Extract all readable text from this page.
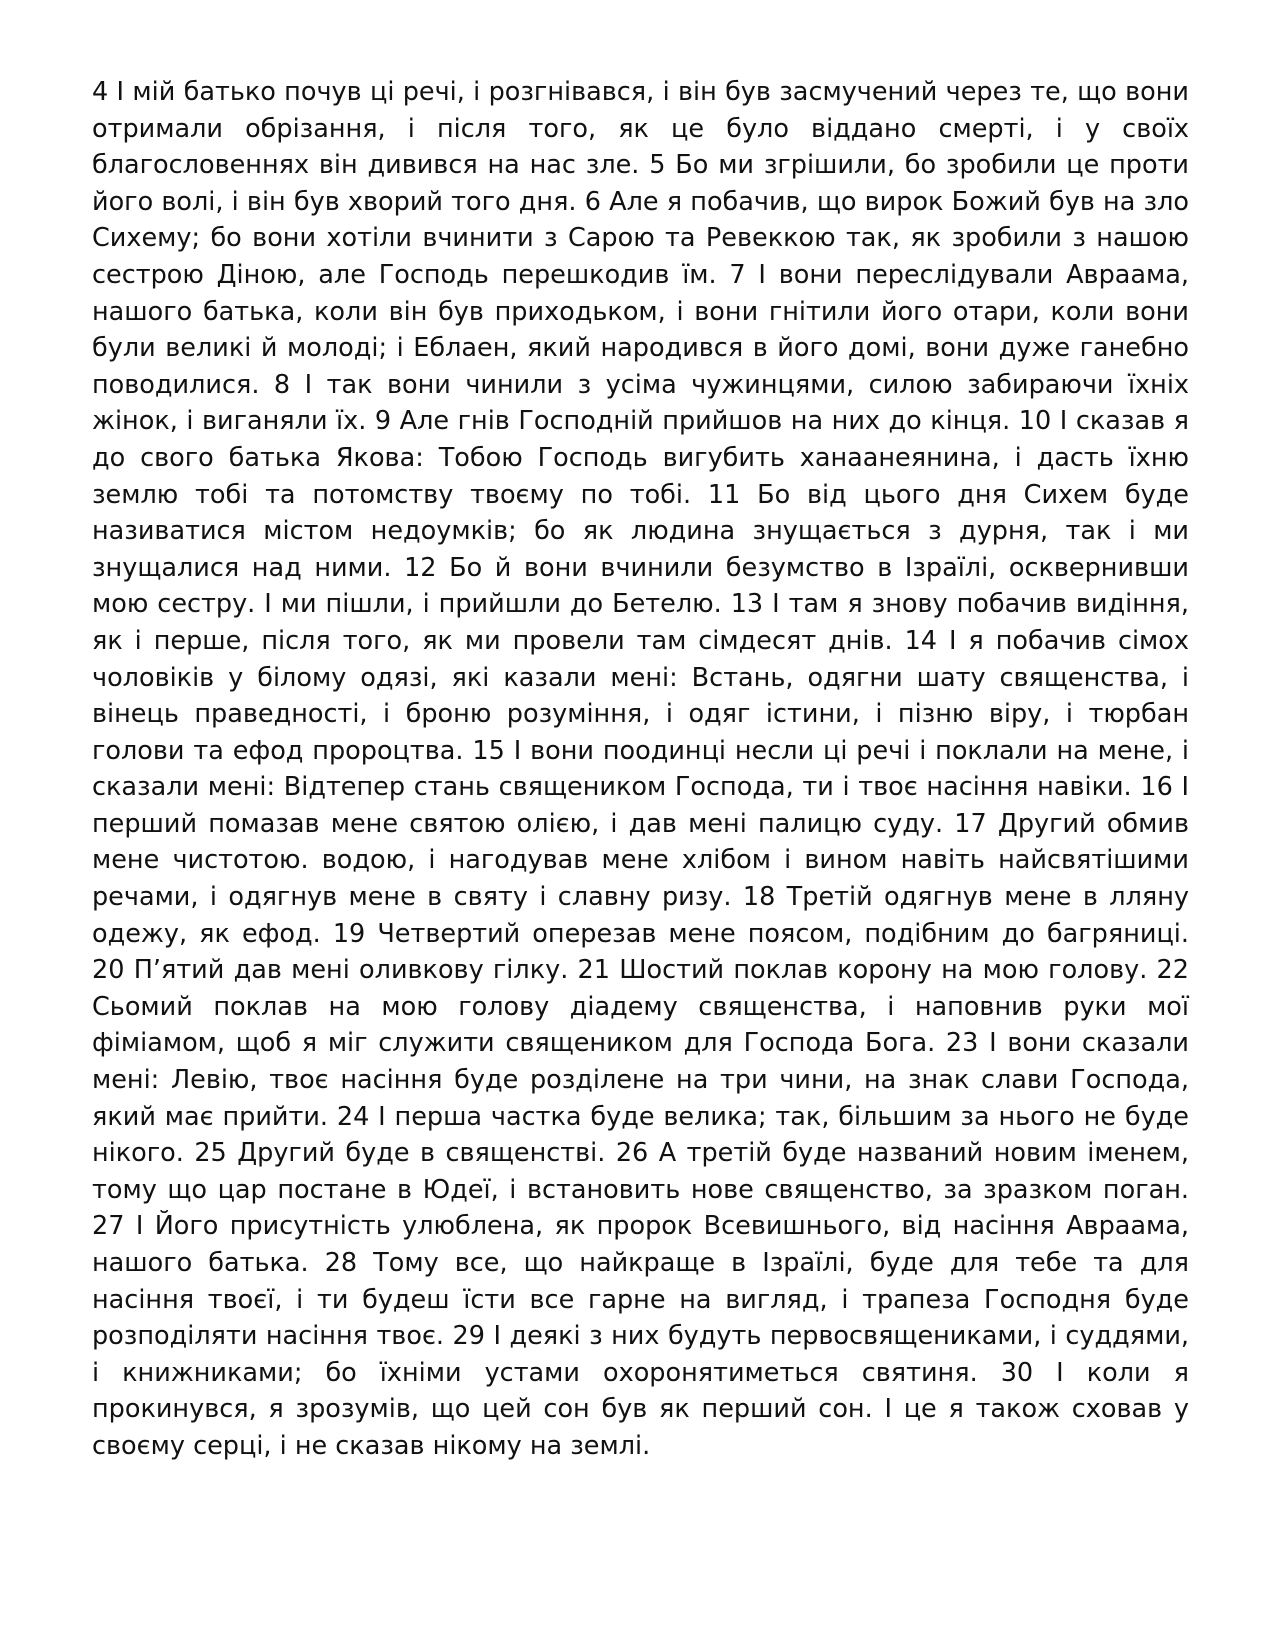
4 І мій батько почув ці речі, і розгнівався, і він був засмучений через те, що вони отримали обрізання, і після того, як це було віддано смерті, і у своїх благословеннях він дивився на нас зле. 5 Бо ми згрішили, бо зробили це проти його волі, і він був хворий того дня. 6 Але я побачив, що вирок Божий був на зло Сихему; бо вони хотіли вчинити з Сарою та Ревеккою так, як зробили з нашою сестрою Діною, але Господь перешкодив їм. 7 І вони переслідували Авраама, нашого батька, коли він був приходьком, і вони гнітили його отари, коли вони були великі й молоді; і Еблаен, який народився в його домі, вони дуже ганебно поводилися. 8 І так вони чинили з усіма чужинцями, силою забираючи їхніх жінок, і виганяли їх. 9 Але гнів Господній прийшов на них до кінця. 10 І сказав я до свого батька Якова: Тобою Господь вигубить ханаанеянина, і дасть їхню землю тобі та потомству твоєму по тобі. 11 Бо від цього дня Сихем буде називатися містом недоумків; бо як людина знущається з дурня, так і ми знущалися над ними. 12 Бо й вони вчинили безумство в Ізраїлі, осквернивши мою сестру. І ми пішли, і прийшли до Бетелю. 13 І там я знову побачив видіння, як і перше, після того, як ми провели там сімдесят днів. 14 І я побачив сімох чоловіків у білому одязі, які казали мені: Встань, одягни шату священства, і вінець праведності, і броню розуміння, і одяг істини, і пізню віру, і тюрбан голови та ефод пророцтва. 15 І вони поодинці несли ці речі і поклали на мене, і сказали мені: Відтепер стань священиком Господа, ти і твоє насіння навіки. 16 І перший помазав мене святою олією, і дав мені палицю суду. 17 Другий обмив мене чистотою. водою, і нагодував мене хлібом і вином навіть найсвятішими речами, і одягнув мене в святу і славну ризу. 18 Третій одягнув мене в лляну одежу, як ефод. 19 Четвертий оперезав мене поясом, подібним до багряниці. 20 П’ятий дав мені оливкову гілку. 21 Шостий поклав корону на мою голову. 22 Сьомий поклав на мою голову діадему священства, і наповнив руки мої фіміамом, щоб я міг служити священиком для Господа Бога. 23 І вони сказали мені: Левію, твоє насіння буде розділене на три чини, на знак слави Господа, який має прийти. 24 І перша частка буде велика; так, більшим за нього не буде нікого. 25 Другий буде в священстві. 26 А третій буде названий новим іменем, тому що цар постане в Юдеї, і встановить нове священство, за зразком поган. 27 І Його присутність улюблена, як пророк Всевишнього, від насіння Авраама, нашого батька. 28 Тому все, що найкраще в Ізраїлі, буде для тебе та для насіння твоєї, і ти будеш їсти все гарне на вигляд, і трапеза Господня буде розподіляти насіння твоє. 29 І деякі з них будуть первосвящениками, і суддями, і книжниками; бо їхніми устами охоронятиметься святиня. 30 І коли я прокинувся, я зрозумів, що цей сон був як перший сон. І це я також сховав у своєму серці, і не сказав нікому на землі.
